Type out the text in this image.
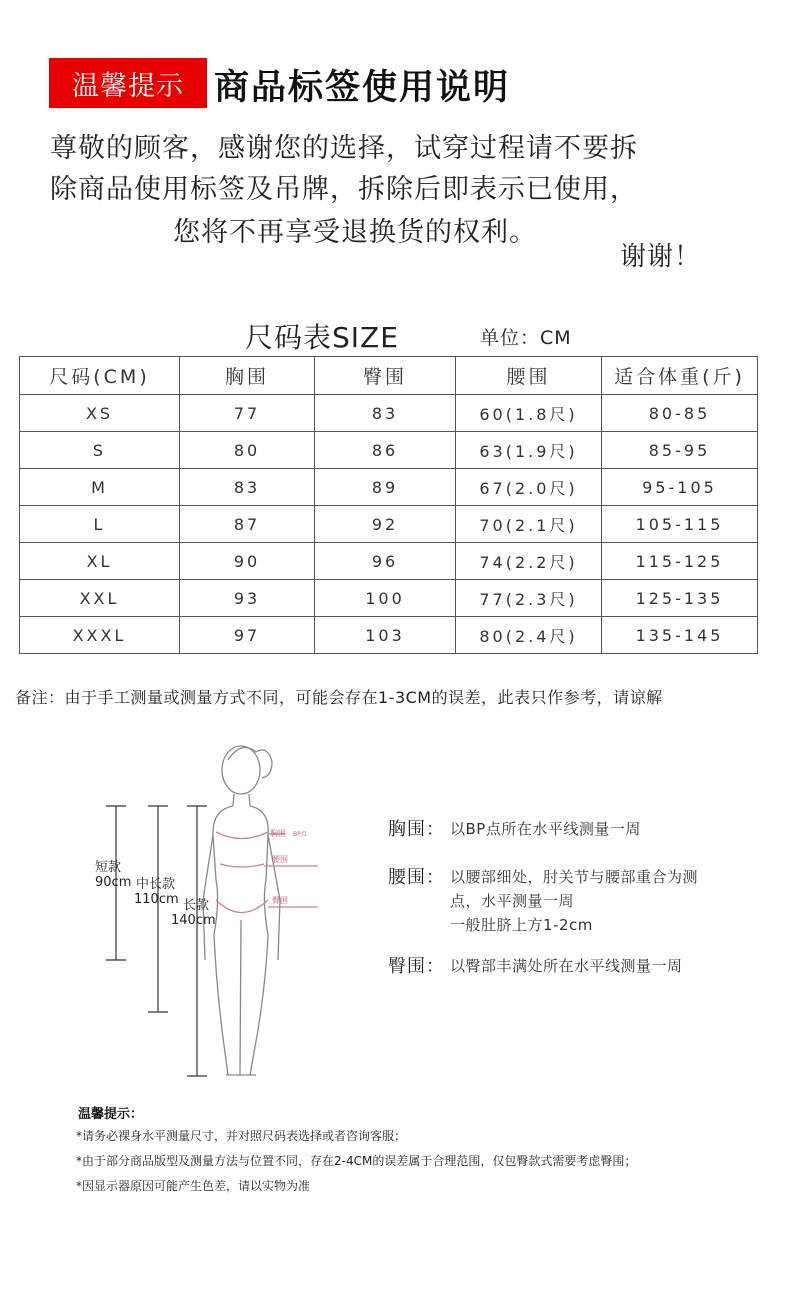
温馨提示 商品标签使用说明
尊敬的顾客，感谢您的选择，试穿过程请不要拆
除商品使用标签及吊牌，拆除后即表示已使用，
您将不再享受退换货的权利。
谢谢！
尺码表SIZE	单位：CM
尺码(CM)	胸围	臀围	腰围	适合体重(斤)
XS	77	83	60(1.8尺)	80-85
S	80	86	63(1.9尺)	85-95
M	83	89	67(2.0尺)	95-105
L	87	92	70(2.1尺)	105-115
XL	90	96	74(2.2尺)	115-125
XXL	93	100	77(2.3尺)	125-135
XXXL	97	103	80(2.4尺)	135-145
备注：由于手工测量或测量方式不同，可能会存在1-3CM的误差，此表只作参考，请谅解
胸围 BP点
腰围
臀围
短款
90cm 中长款
110cm 长款
140cm
胸围： 以BP点所在水平线测量一周
腰围： 以腰部细处，肘关节与腰部重合为测
点，水平测量一周
一般肚脐上方1-2cm
臀围： 以臀部丰满处所在水平线测量一周
温馨提示：
*请务必裸身水平测量尺寸，并对照尺码表选择或者咨询客服；
*由于部分商品版型及测量方法与位置不同，存在2-4CM的误差属于合理范围，仅包臀款式需要考虑臀围；
*因显示器原因可能产生色差，请以实物为准
